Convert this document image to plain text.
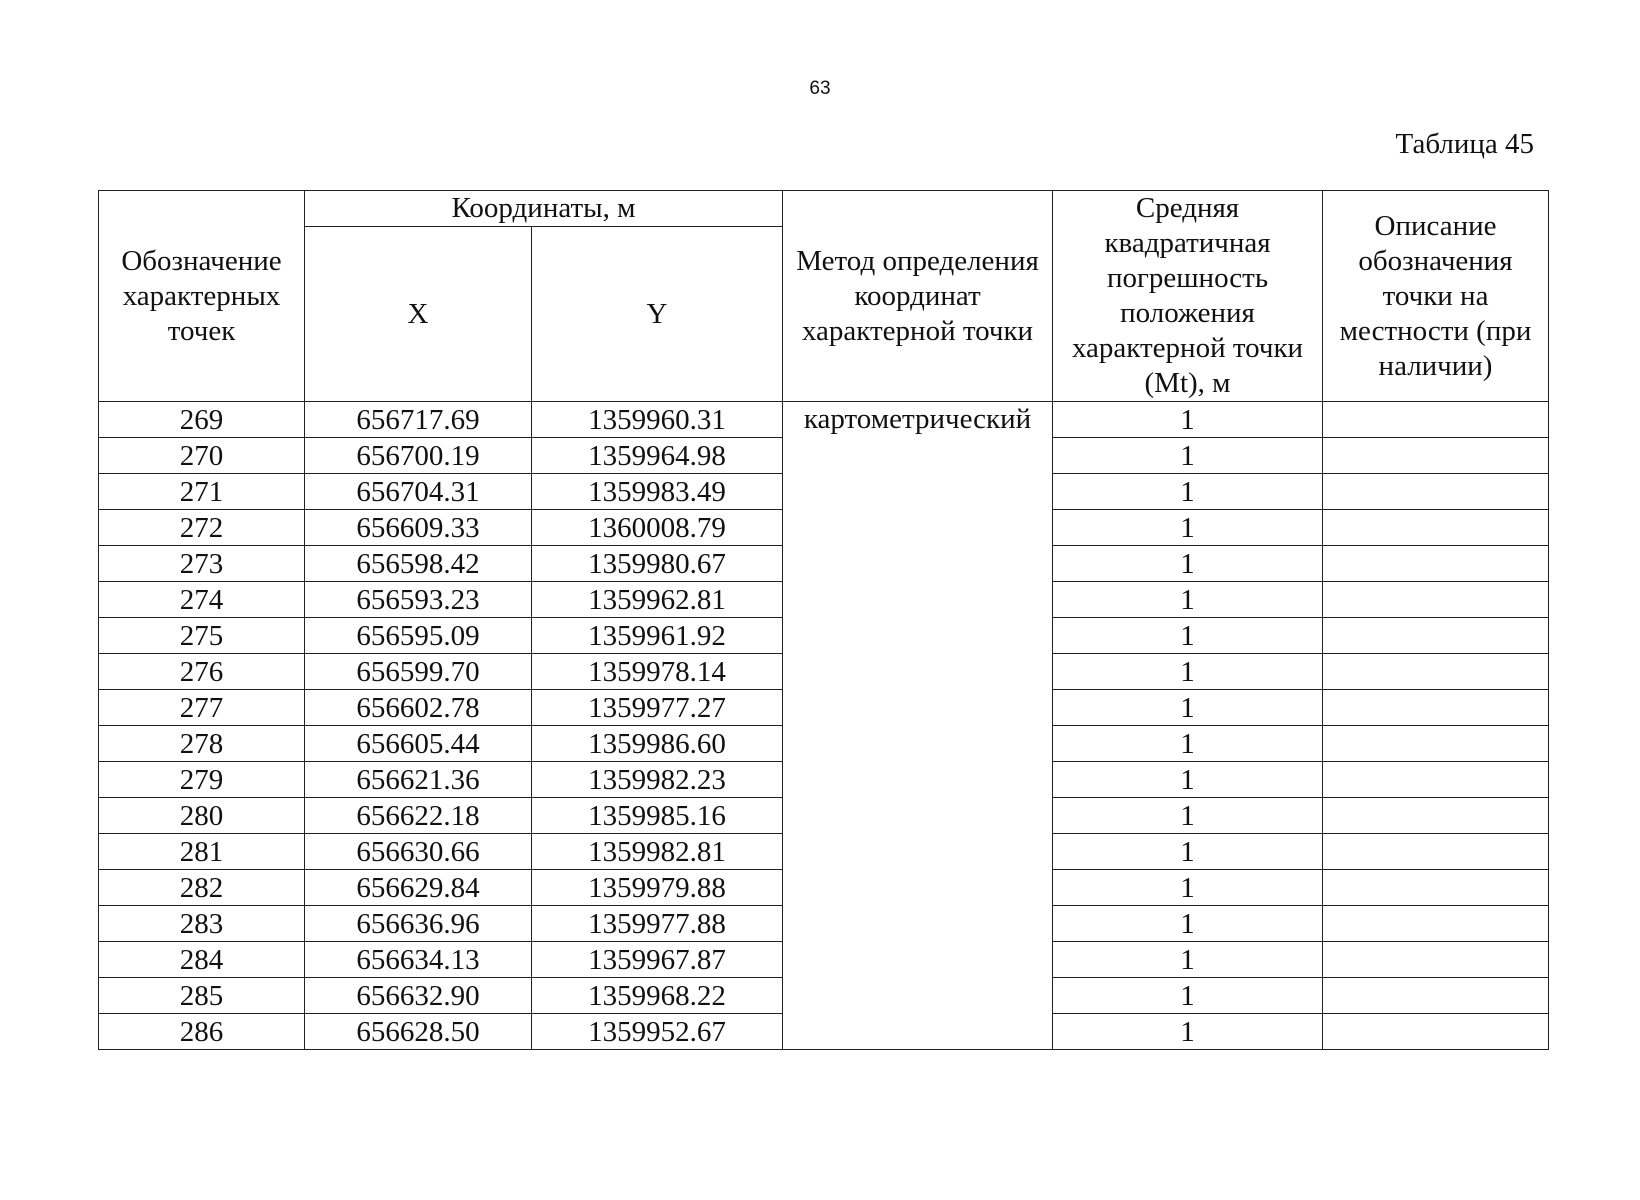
63
Таблица 45
Обозначение характерных точек	Координаты, м		Метод определения координат характерной точки	Средняя квадратичная погрешность положения характерной точки (Mt), м	Описание обозначения точки на местности (при наличии)
	X	Y			
269	656717.69	1359960.31	картометрический	1	
270	656700.19	1359964.98		1	
271	656704.31	1359983.49		1	
272	656609.33	1360008.79		1	
273	656598.42	1359980.67		1	
274	656593.23	1359962.81		1	
275	656595.09	1359961.92		1	
276	656599.70	1359978.14		1	
277	656602.78	1359977.27		1	
278	656605.44	1359986.60		1	
279	656621.36	1359982.23		1	
280	656622.18	1359985.16		1	
281	656630.66	1359982.81		1	
282	656629.84	1359979.88		1	
283	656636.96	1359977.88		1	
284	656634.13	1359967.87		1	
285	656632.90	1359968.22		1	
286	656628.50	1359952.67		1	
